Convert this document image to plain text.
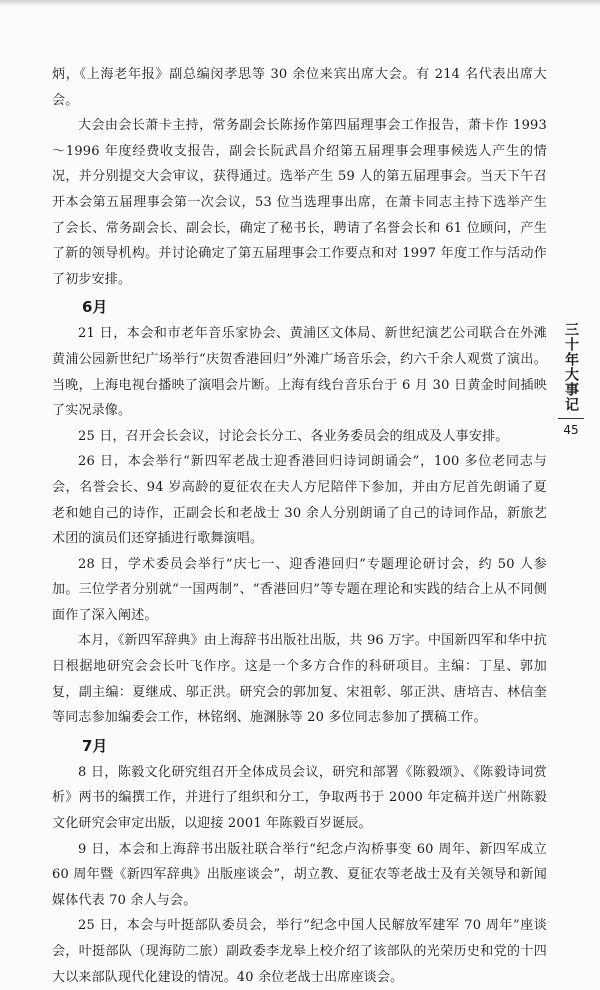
炳，《上海老年报》副总编闵孝思等 30 余位来宾出席大会。有 214 名代表出席大会。

大会由会长萧卡主持，常务副会长陈扬作第四届理事会工作报告，萧卡作 1993～1996 年度经费收支报告，副会长阮武昌介绍第五届理事会理事候选人产生的情况，并分别提交大会审议，获得通过。选举产生 59 人的第五届理事会。当天下午召开本会第五届理事会第一次会议，53 位当选理事出席，在萧卡同志主持下选举产生了会长、常务副会长、副会长，确定了秘书长，聘请了名誉会长和 61 位顾问，产生了新的领导机构。并讨论确定了第五届理事会工作要点和对 1997 年度工作与活动作了初步安排。

6月

21 日，本会和市老年音乐家协会、黄浦区文体局、新世纪演艺公司联合在外滩黄浦公园新世纪广场举行“庆贺香港回归”外滩广场音乐会，约六千余人观赏了演出。当晚，上海电视台播映了演唱会片断。上海有线台音乐台于 6 月 30 日黄金时间插映了实况录像。

25 日，召开会长会议，讨论会长分工、各业务委员会的组成及人事安排。

26 日，本会举行“新四军老战士迎香港回归诗词朗诵会”，100 多位老同志与会，名誉会长、94 岁高龄的夏征农在夫人方尼陪伴下参加，并由方尼首先朗诵了夏老和她自己的诗作，正副会长和老战士 30 余人分别朗诵了自己的诗词作品，新旅艺术团的演员们还穿插进行歌舞演唱。

28 日，学术委员会举行“庆七一、迎香港回归”专题理论研讨会，约 50 人参加。三位学者分别就“一国两制”、“香港回归”等专题在理论和实践的结合上从不同侧面作了深入阐述。

本月，《新四军辞典》由上海辞书出版社出版，共 96 万字。中国新四军和华中抗日根据地研究会会长叶飞作序。这是一个多方合作的科研项目。主编：丁星、郭加复，副主编：夏继成、邬正洪。研究会的郭加复、宋祖彰、邬正洪、唐培吉、林信奎等同志参加编委会工作，林铭纲、施渊脉等 20 多位同志参加了撰稿工作。

7月

8 日，陈毅文化研究组召开全体成员会议，研究和部署《陈毅颂》、《陈毅诗词赏析》两书的编撰工作，并进行了组织和分工，争取两书于 2000 年定稿并送广州陈毅文化研究会审定出版，以迎接 2001 年陈毅百岁诞辰。

9 日，本会和上海辞书出版社联合举行“纪念卢沟桥事变 60 周年、新四军成立 60 周年暨《新四军辞典》出版座谈会”，胡立教、夏征农等老战士及有关领导和新闻媒体代表 70 余人与会。

25 日，本会与叶挺部队委员会，举行“纪念中国人民解放军建军 70 周年”座谈会，叶挺部队（现海防二旅）副政委李龙皋上校介绍了该部队的光荣历史和党的十四大以来部队现代化建设的情况。40 余位老战士出席座谈会。

三十年大事记
45
